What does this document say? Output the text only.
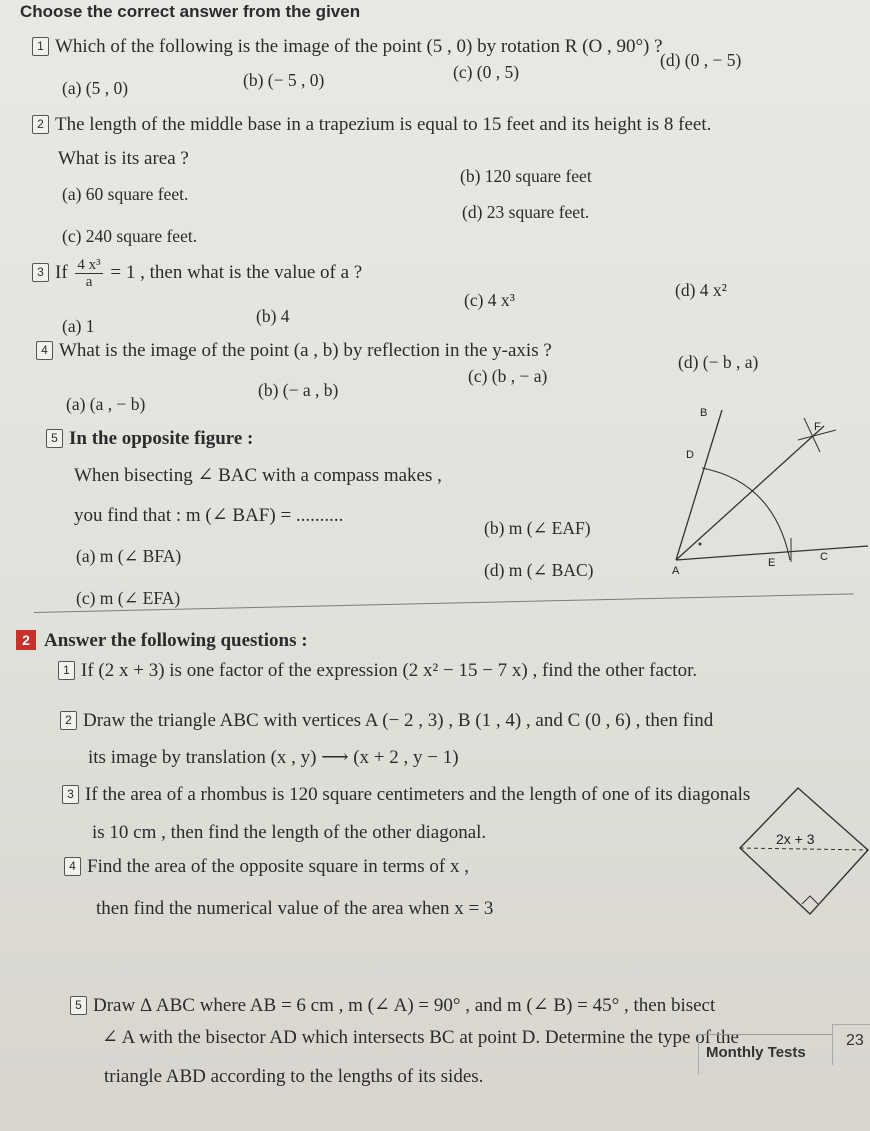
Choose the correct answer from the given
1 Which of the following is the image of the point (5 , 0) by rotation R (O , 90°) ?
(a) (5 , 0)	(b) (− 5 , 0)	(c) (0 , 5)
(d) (0 , − 5)
2 The length of the middle base in a trapezium is equal to 15 feet and its height is 8 feet.
What is its area ?
(a) 60 square feet.
(b) 120 square feet
(c) 240 square feet.
(d) 23 square feet.
3 If $\frac{\text{4 x³}}{a} = 1$ , then what is the value of a ?
(a) 1	(b) 4
(c) 4 x³	(d) 4 x²
4 What is the image of the point (a , b) by reflection in the y-axis ?
(a) (a , − b)
(b) (− a , b)
(c) (b , − a)
(d) (− b , a)
5 In the opposite figure :
When bisecting ∠ BAC with a compass makes ,
you find that : m (∠ BAF) = ..........
(a) m (∠ BFA)
(b) m (∠ EAF)
(c) m (∠ EFA)
(d) m (∠ BAC)
B
D
F
A
E	C
2 Answer the following questions :
1 If (2 x + 3) is one factor of the expression (2 x² − 15 − 7 x) , find the other factor.
2 Draw the triangle ABC with vertices A (− 2 , 3) , B (1 , 4) , and C (0 , 6) , then find
its image by translation (x , y) ⟶ (x + 2 , y − 1)
3 If the area of a rhombus is 120 square centimeters and the length of one of its diagonals
is 10 cm , then find the length of the other diagonal.
4 Find the area of the opposite square in terms of x ,
then find the numerical value of the area when x = 3
2x + 3
5 Draw Δ ABC where AB = 6 cm , m (∠ A) = 90° , and m (∠ B) = 45° , then bisect
∠ A with the bisector AD which intersects BC at point D. Determine the type of the
triangle ABD according to the lengths of its sides.
Monthly Tests
23
